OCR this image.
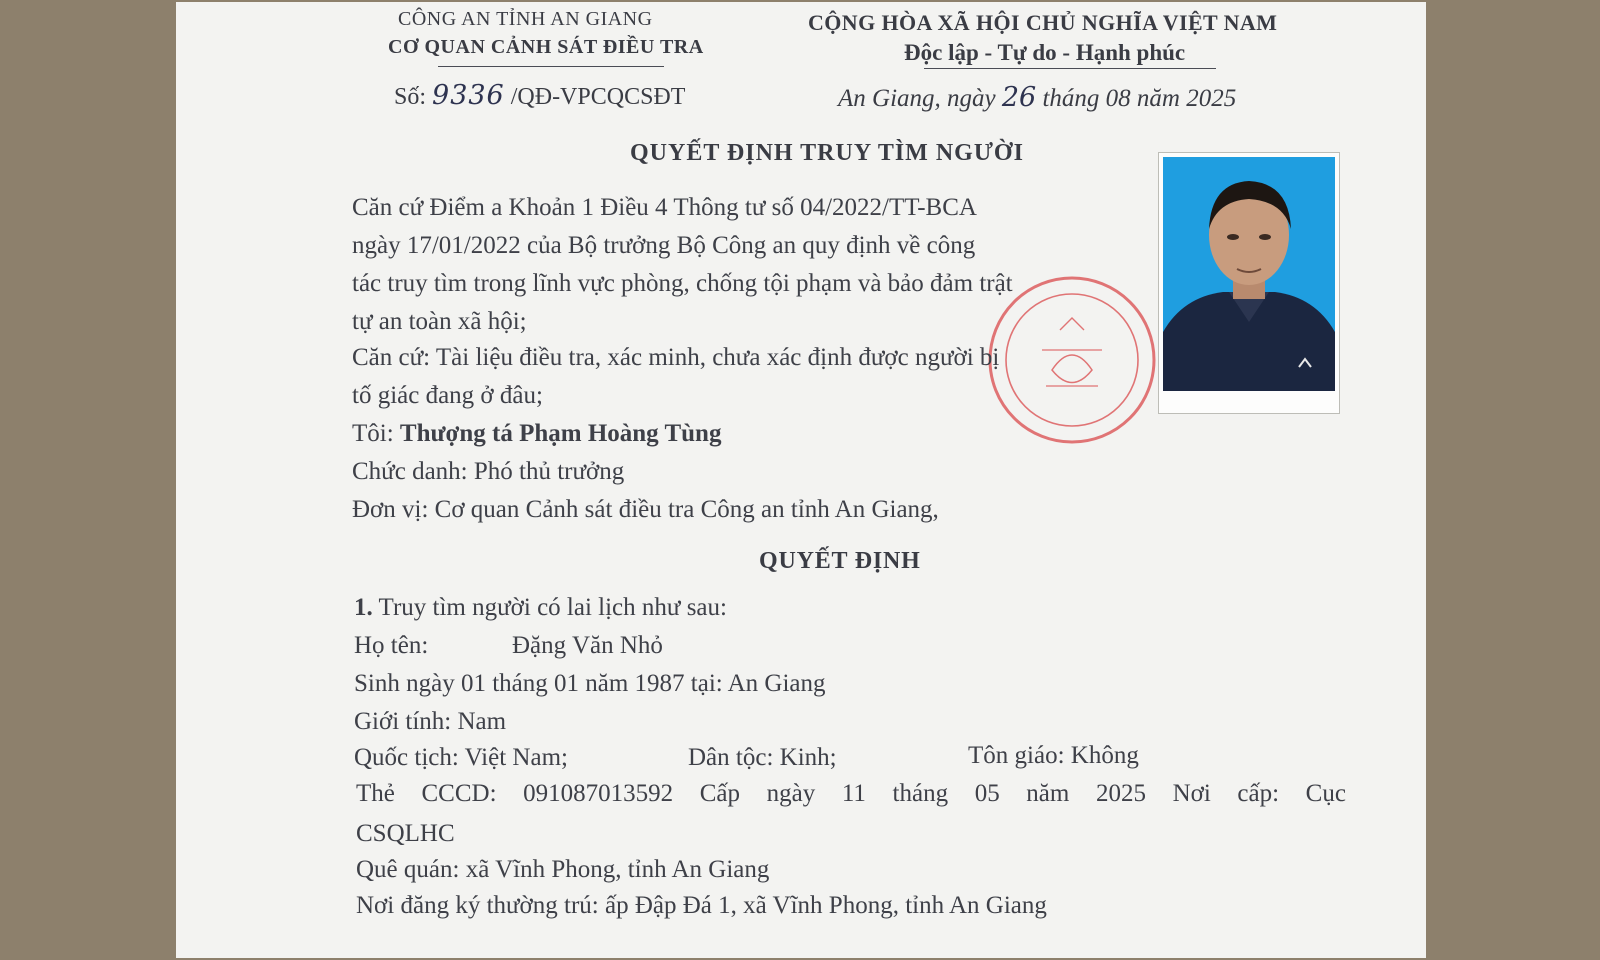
CÔNG AN TỈNH AN GIANG
CƠ QUAN CẢNH SÁT ĐIỀU TRA
CỘNG HÒA XÃ HỘI CHỦ NGHĨA VIỆT NAM
Độc lập - Tự do - Hạnh phúc
Số: 9336 /QĐ-VPCQCSĐT	An Giang, ngày 26 tháng 08 năm 2025
QUYẾT ĐỊNH TRUY TÌM NGƯỜI
Căn cứ Điểm a Khoản 1 Điều 4 Thông tư số 04/2022/TT-BCA
ngày 17/01/2022 của Bộ trưởng Bộ Công an quy định về công
tác truy tìm trong lĩnh vực phòng, chống tội phạm và bảo đảm trật
tự an toàn xã hội;
Căn cứ: Tài liệu điều tra, xác minh, chưa xác định được người bị
tố giác đang ở đâu;
Tôi: Thượng tá Phạm Hoàng Tùng
Chức danh: Phó thủ trưởng
Đơn vị: Cơ quan Cảnh sát điều tra Công an tỉnh An Giang,
QUYẾT ĐỊNH
1. Truy tìm người có lai lịch như sau:
Họ tên:	Đặng Văn Nhỏ
Sinh ngày 01 tháng 01 năm 1987 tại: An Giang
Giới tính: Nam
Quốc tịch: Việt Nam;	Dân tộc: Kinh;	Tôn giáo: Không
Thẻ CCCD: 091087013592 Cấp ngày 11 tháng 05 năm 2025 Nơi cấp: Cục
CSQLHC
Quê quán: xã Vĩnh Phong, tỉnh An Giang
Nơi đăng ký thường trú: ấp Đập Đá 1, xã Vĩnh Phong, tỉnh An Giang
